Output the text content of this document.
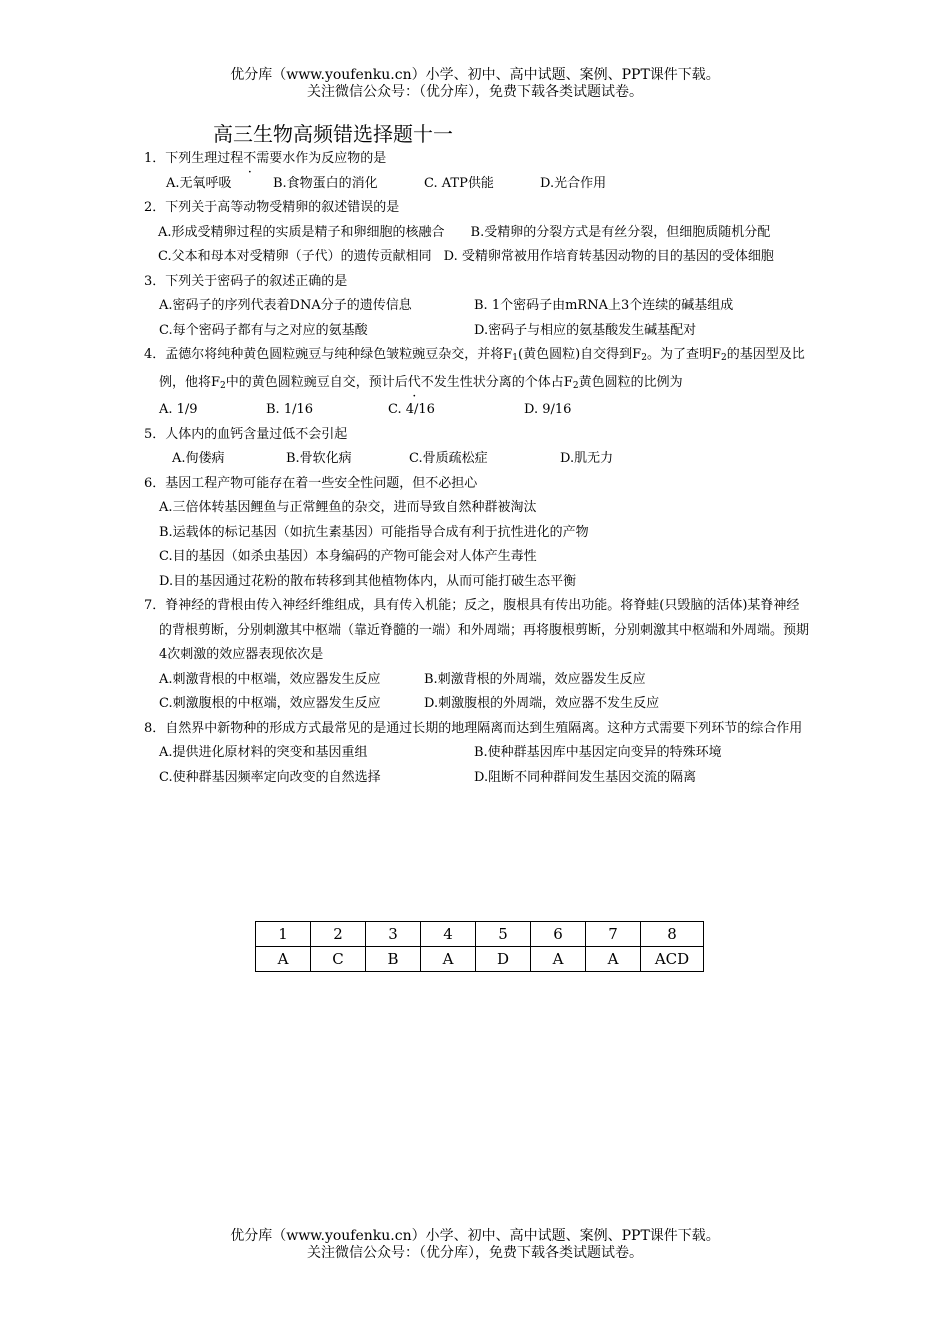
优分库（www.youfenku.cn）小学、初中、高中试题、案例、PPT课件下载。
关注微信公众号：（优分库），免费下载各类试题试卷。
高三生物高频错选择题十一

1．下列生理过程不需要水作为反应物的是

A.无氧呼吸	B.食物蛋白的消化	C. ATP供能	D.光合作用

2．下列关于高等动物受精卵的叙述错误的是

A.形成受精卵过程的实质是精子和卵细胞的核融合 B.受精卵的分裂方式是有丝分裂，但细胞质随机分配

C.父本和母本对受精卵（子代）的遗传贡献相同 D. 受精卵常被用作培育转基因动物的目的基因的受体细胞

3．下列关于密码子的叙述正确的是

A.密码子的序列代表着DNA分子的遗传信息	B. 1个密码子由mRNA上3个连续的碱基组成

C.每个密码子都有与之对应的氨基酸	D.密码子与相应的氨基酸发生碱基配对

4．孟德尔将纯种黄色圆粒豌豆与纯种绿色皱粒豌豆杂交，并将$F_1$(黄色圆粒)自交得到$F_2$。为了查明$F_2$的基因型及比例，他将$F_2$中的黄色圆粒豌豆自交，预计后代不发生性状分离的个体占$F_2$黄色圆粒的比例为

A. 1/9	B. 1/16	C. 4/16	D. 9/16

5．人体内的血钙含量过低不会引起

A.佝偻病	B.骨软化病	C.骨质疏松症	D.肌无力

6．基因工程产物可能存在着一些安全性问题，但不必担心

A.三倍体转基因鲤鱼与正常鲤鱼的杂交，进而导致自然种群被淘汰

B.运载体的标记基因（如抗生素基因）可能指导合成有利于抗性进化的产物

C.目的基因（如杀虫基因）本身编码的产物可能会对人体产生毒性

D.目的基因通过花粉的散布转移到其他植物体内，从而可能打破生态平衡

7．脊神经的背根由传入神经纤维组成，具有传入机能；反之，腹根具有传出功能。将脊蛙(只毁脑的活体)某脊神经的背根剪断，分别刺激其中枢端（靠近脊髓的一端）和外周端；再将腹根剪断，分别刺激其中枢端和外周端。预期4次刺激的效应器表现依次是

A.刺激背根的中枢端，效应器发生反应	B.刺激背根的外周端，效应器发生反应

C.刺激腹根的中枢端，效应器发生反应	D.刺激腹根的外周端，效应器不发生反应

8．自然界中新物种的形成方式最常见的是通过长期的地理隔离而达到生殖隔离。这种方式需要下列环节的综合作用

A.提供进化原材料的突变和基因重组	B.使种群基因库中基因定向变异的特殊环境

C.使种群基因频率定向改变的自然选择	D.阻断不同种群间发生基因交流的隔离

1	2	3	4	5	6	7	8
A	C	B	A	D	A	A	ACD
优分库（www.youfenku.cn）小学、初中、高中试题、案例、PPT课件下载。
关注微信公众号：（优分库），免费下载各类试题试卷。
